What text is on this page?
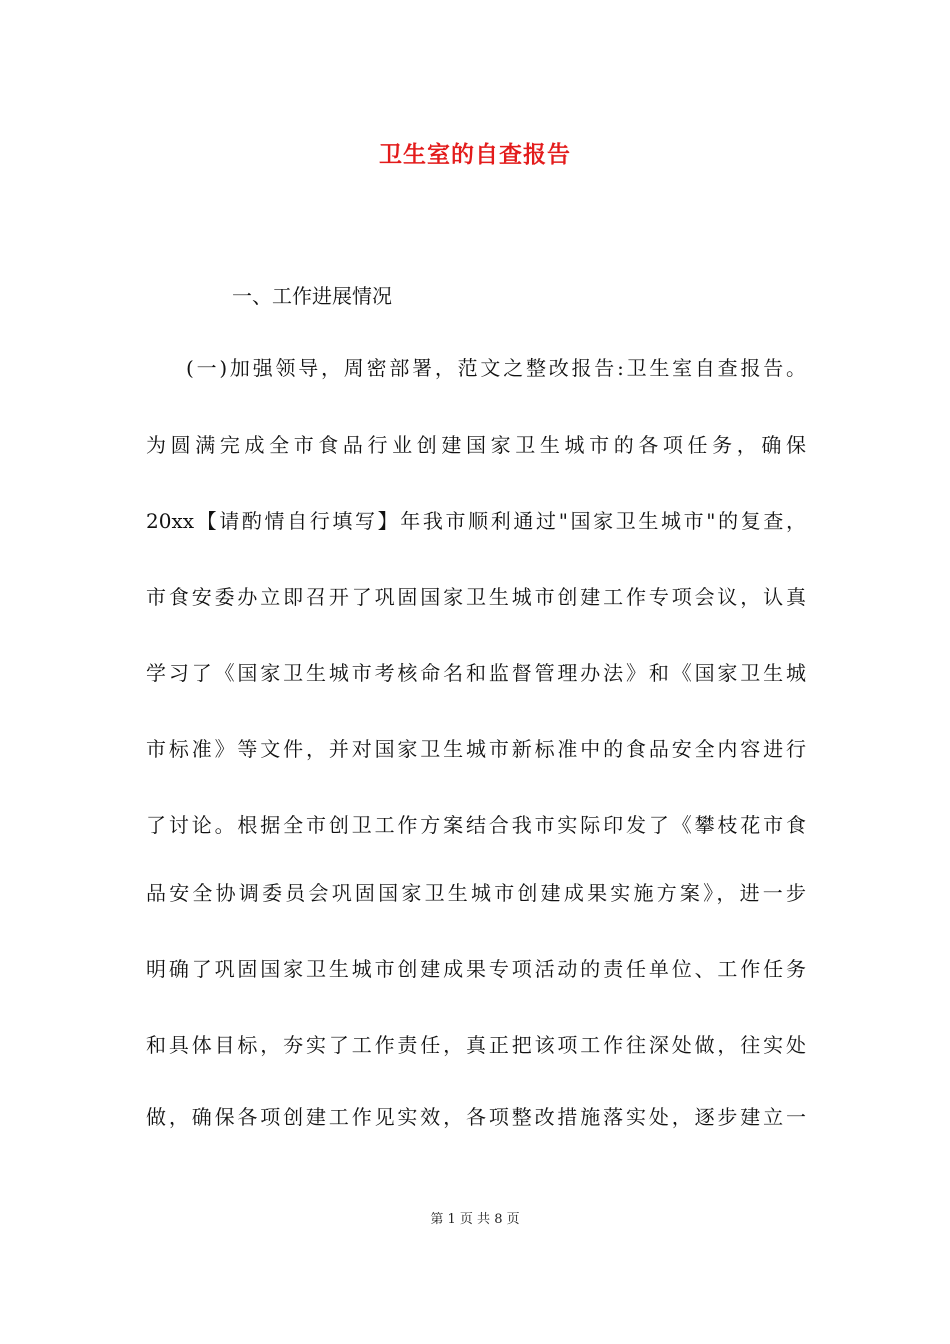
卫生室的自查报告
一、工作进展情况
(一)加强领导，周密部署，范文之整改报告:卫生室自查报告。
为圆满完成全市食品行业创建国家卫生城市的各项任务，确保
20xx【请酌情自行填写】年我市顺利通过"国家卫生城市"的复查，
市食安委办立即召开了巩固国家卫生城市创建工作专项会议，认真
学习了《国家卫生城市考核命名和监督管理办法》和《国家卫生城
市标准》等文件，并对国家卫生城市新标准中的食品安全内容进行
了讨论。根据全市创卫工作方案结合我市实际印发了《攀枝花市食
品安全协调委员会巩固国家卫生城市创建成果实施方案》，进一步
明确了巩固国家卫生城市创建成果专项活动的责任单位、工作任务
和具体目标，夯实了工作责任，真正把该项工作往深处做，往实处
做，确保各项创建工作见实效，各项整改措施落实处，逐步建立一
第 1 页 共 8 页
